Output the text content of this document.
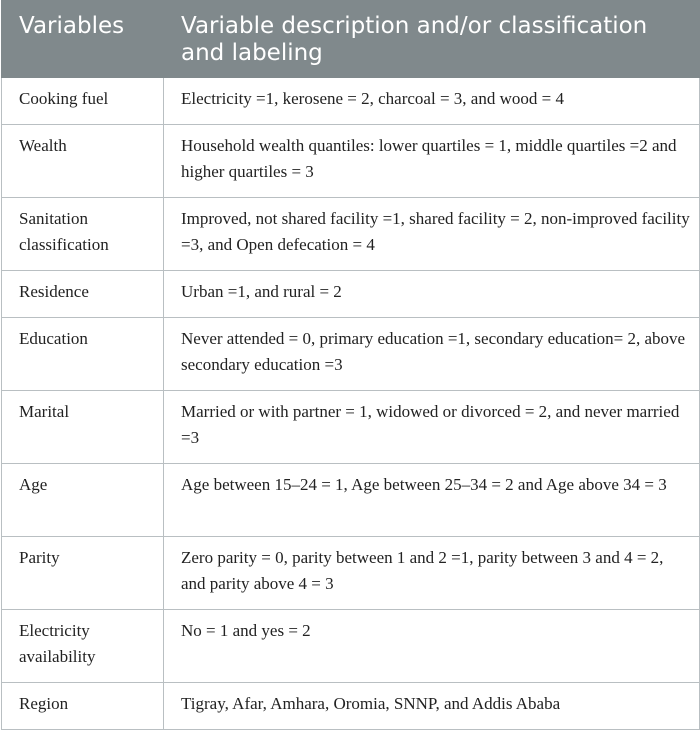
Variables	Variable description and/or classification and labeling
Cooking fuel	Electricity =1, kerosene = 2, charcoal = 3, and wood = 4
Wealth	Household wealth quantiles: lower quartiles = 1, middle quartiles =2 and higher quartiles = 3
Sanitation classification	Improved, not shared facility =1, shared facility = 2, non-improved facility =3, and Open defecation = 4
Residence	Urban =1, and rural = 2
Education	Never attended = 0, primary education =1, secondary education= 2, above secondary education =3
Marital	Married or with partner = 1, widowed or divorced = 2, and never married =3
Age	Age between 15–24 = 1, Age between 25–34 = 2 and Age above 34 = 3
Parity	Zero parity = 0, parity between 1 and 2 =1, parity between 3 and 4 = 2, and parity above 4 = 3
Electricity availability	No = 1 and yes = 2
Region	Tigray, Afar, Amhara, Oromia, SNNP, and Addis Ababa
